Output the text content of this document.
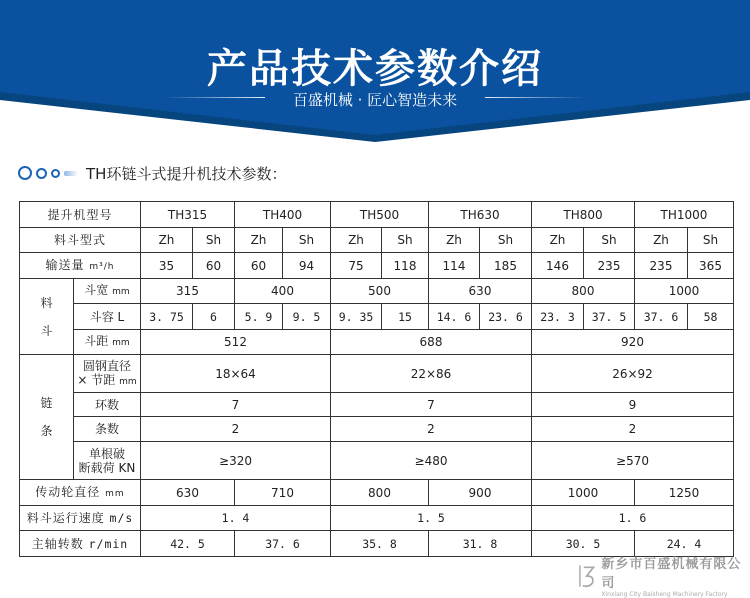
产品技术参数介绍
百盛机械 · 匠心智造未来
TH环链斗式提升机技术参数：
提升机型号		TH315		TH400		TH500		TH630		TH800		TH1000	
料斗型式		Zh	Sh	Zh	Sh	Zh	Sh	Zh	Sh	Zh	Sh	Zh	Sh
输送量 m³/h		35	60	60	94	75	118	114	185	146	235	235	365
料

斗	斗宽 mm	315		400		500		630		800		1000	
	斗容 L	3. 75	6	5. 9	9. 5	9. 35	15	14. 6	23. 6	23. 3	37. 5	37. 6	58
	斗距 mm	512				688				920			
链

条	圆钢直径
× 节距 mm	18×64				22×86				26×92			
	环数	7				7				9			
	条数	2				2				2			
	单根破
断载荷 KN	≥320				≥480				≥570			
传动轮直径 mm		630		710		800		900		1000		1250	
料斗运行速度 m/s		1. 4				1. 5				1. 6			
主轴转数 r/min		42. 5		37. 6		35. 8		31. 8		30. 5		24. 4	
新乡市百盛机械有限公司
Xinxiang City Baisheng Machinery Factory
